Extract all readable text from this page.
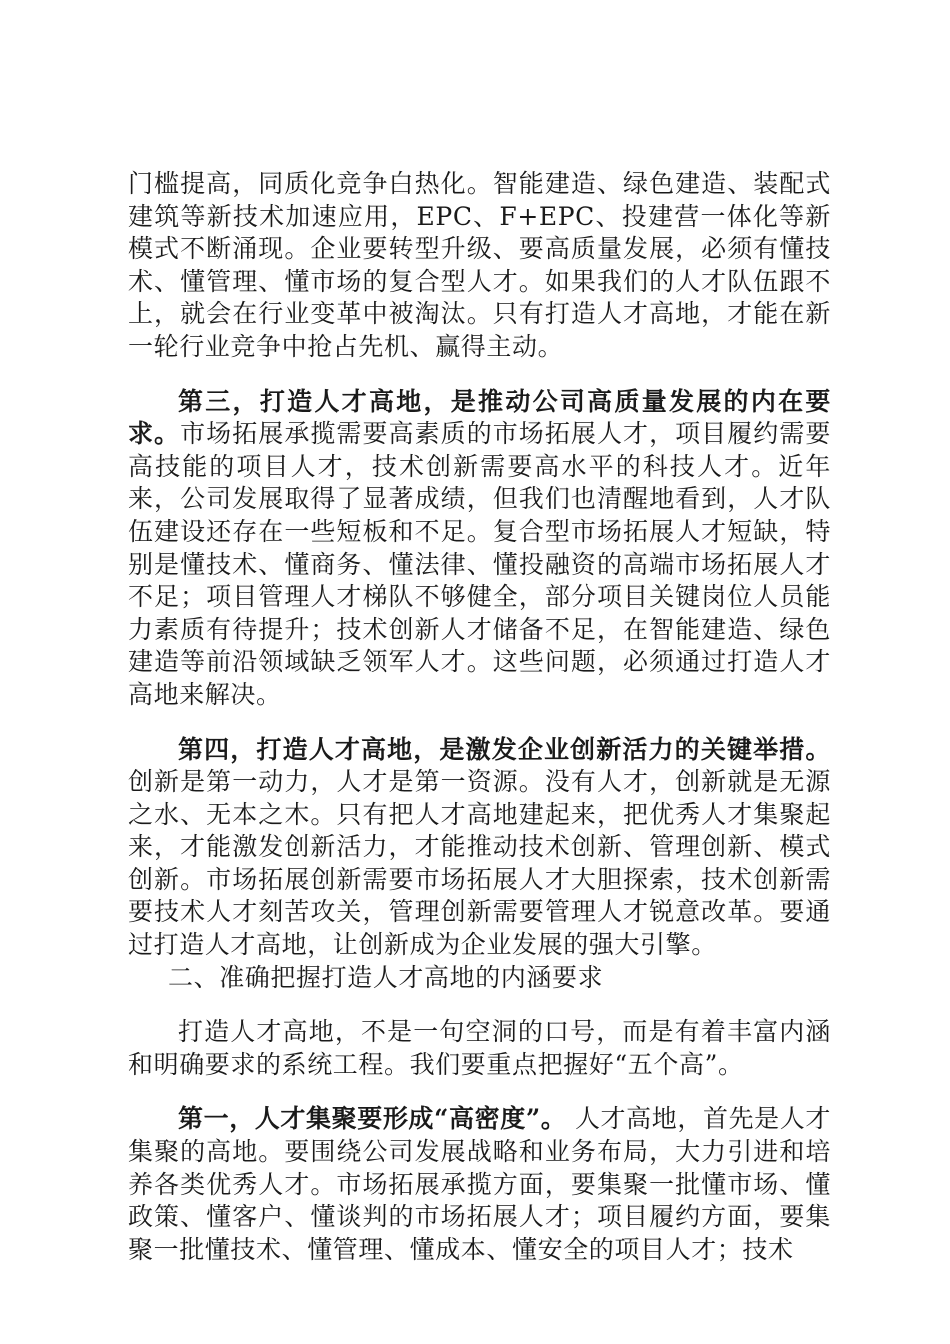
门槛提高，同质化竞争白热化。智能建造、绿色建造、装配式建筑等新技术加速应用，EPC、F+EPC、投建营一体化等新模式不断涌现。企业要转型升级、要高质量发展，必须有懂技术、懂管理、懂市场的复合型人才。如果我们的人才队伍跟不上，就会在行业变革中被淘汰。只有打造人才高地，才能在新一轮行业竞争中抢占先机、赢得主动。

第三，打造人才高地，是推动公司高质量发展的内在要求。市场拓展承揽需要高素质的市场拓展人才，项目履约需要高技能的项目人才，技术创新需要高水平的科技人才。近年来，公司发展取得了显著成绩，但我们也清醒地看到，人才队伍建设还存在一些短板和不足。复合型市场拓展人才短缺，特别是懂技术、懂商务、懂法律、懂投融资的高端市场拓展人才不足；项目管理人才梯队不够健全，部分项目关键岗位人员能力素质有待提升；技术创新人才储备不足，在智能建造、绿色建造等前沿领域缺乏领军人才。这些问题，必须通过打造人才高地来解决。

第四，打造人才高地，是激发企业创新活力的关键举措。创新是第一动力，人才是第一资源。没有人才，创新就是无源之水、无本之木。只有把人才高地建起来，把优秀人才集聚起来，才能激发创新活力，才能推动技术创新、管理创新、模式创新。市场拓展创新需要市场拓展人才大胆探索，技术创新需要技术人才刻苦攻关，管理创新需要管理人才锐意改革。要通过打造人才高地，让创新成为企业发展的强大引擎。

二、准确把握打造人才高地的内涵要求

打造人才高地，不是一句空洞的口号，而是有着丰富内涵和明确要求的系统工程。我们要重点把握好“五个高”。

第一，人才集聚要形成“高密度”。 人才高地，首先是人才集聚的高地。要围绕公司发展战略和业务布局，大力引进和培养各类优秀人才。市场拓展承揽方面，要集聚一批懂市场、懂政策、懂客户、懂谈判的市场拓展人才；项目履约方面，要集聚一批懂技术、懂管理、懂成本、懂安全的项目人才；技术
